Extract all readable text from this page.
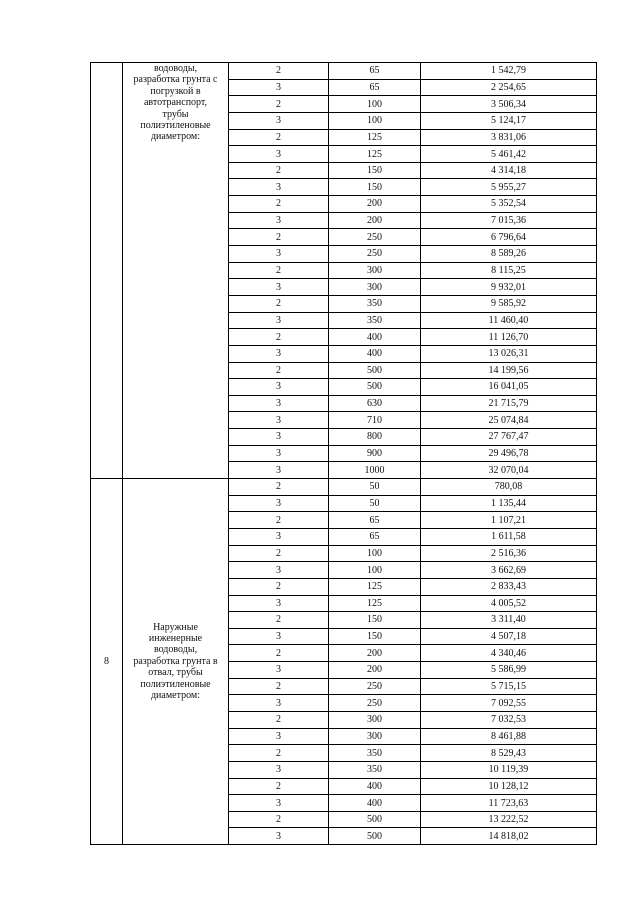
водоводы,
разработка грунта с
погрузкой в
автотранспорт,
трубы
полиэтиленовые
диаметром:
2	65	1 542,79
3	65	2 254,65
2	100	3 506,34
3	100	5 124,17
2	125	3 831,06
3	125	5 461,42
2	150	4 314,18
3	150	5 955,27
2	200	5 352,54
3	200	7 015,36
2	250	6 796,64
3	250	8 589,26
2	300	8 115,25
3	300	9 932,01
2	350	9 585,92
3	350	11 460,40
2	400	11 126,70
3	400	13 026,31
2	500	14 199,56
3	500	16 041,05
3	630	21 715,79
3	710	25 074,84
3	800	27 767,47
3	900	29 496,78
3	1000	32 070,04
8
Наружные
инженерные
водоводы,
разработка грунта в
отвал, трубы
полиэтиленовые
диаметром:
2	50	780,08
3	50	1 135,44
2	65	1 107,21
3	65	1 611,58
2	100	2 516,36
3	100	3 662,69
2	125	2 833,43
3	125	4 005,52
2	150	3 311,40
3	150	4 507,18
2	200	4 340,46
3	200	5 586,99
2	250	5 715,15
3	250	7 092,55
2	300	7 032,53
3	300	8 461,88
2	350	8 529,43
3	350	10 119,39
2	400	10 128,12
3	400	11 723,63
2	500	13 222,52
3	500	14 818,02
